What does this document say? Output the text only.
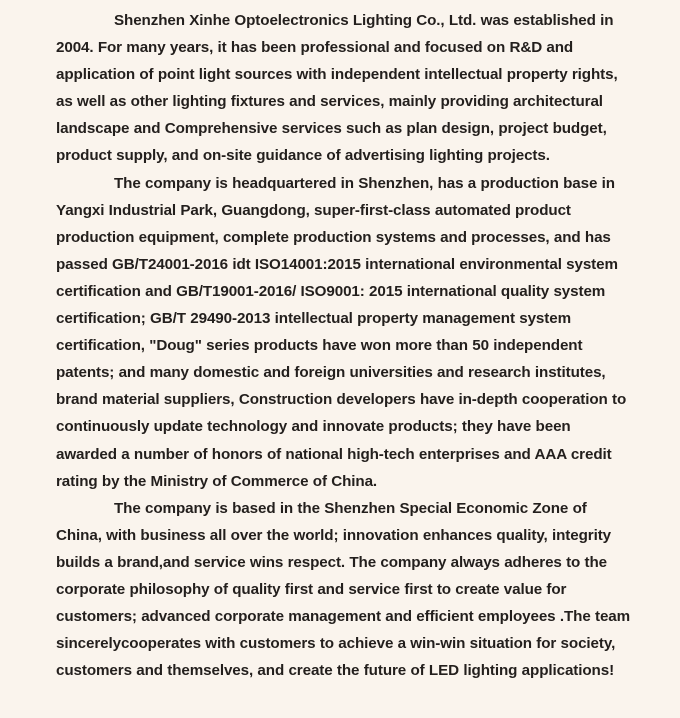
Shenzhen Xinhe Optoelectronics Lighting Co., Ltd. was established in 2004. For many years, it has been professional and focused on R&D and application of point light sources with independent intellectual property rights, as well as other lighting fixtures and services, mainly providing architectural landscape and Comprehensive services such as plan design, project budget, product supply, and on-site guidance of advertising lighting projects.

The company is headquartered in Shenzhen, has a production base in Yangxi Industrial Park, Guangdong, super-first-class automated product production equipment, complete production systems and processes, and has passed GB/T24001-2016 idt ISO14001:2015 international environmental system certification and GB/T19001-2016/ ISO9001: 2015 international quality system certification; GB/T 29490-2013 intellectual property management system certification, "Doug" series products have won more than 50 independent patents; and many domestic and foreign universities and research institutes, brand material suppliers, Construction developers have in-depth cooperation to continuously update technology and innovate products; they have been awarded a number of honors of national high-tech enterprises and AAA credit rating by the Ministry of Commerce of China.

The company is based in the Shenzhen Special Economic Zone of China, with business all over the world; innovation enhances quality, integrity builds a brand,and service wins respect. The company always adheres to the corporate philosophy of quality first and service first to create value for customers; advanced corporate management and efficient employees .The team sincerelycooperates with customers to achieve a win-win situation for society, customers and themselves, and create the future of LED lighting applications!
